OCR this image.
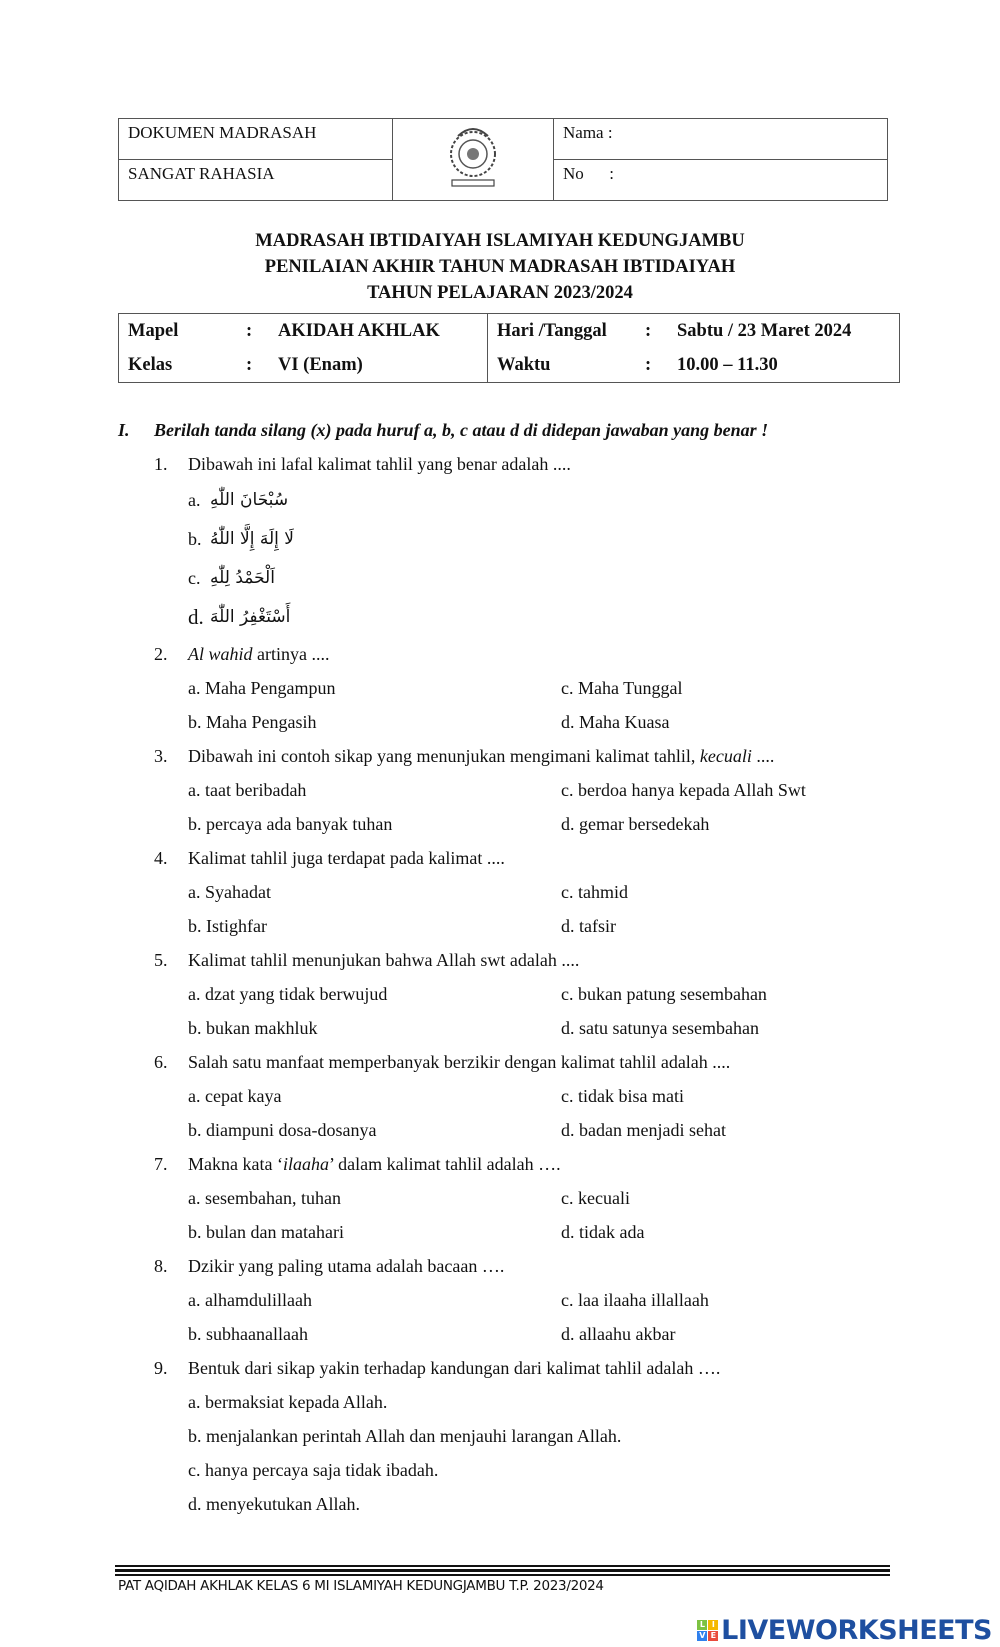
DOKUMEN MADRASAH		Nama :
SANGAT RAHASIA		No      :
MADRASAH IBTIDAIYAH ISLAMIYAH KEDUNGJAMBU
PENILAIAN AKHIR TAHUN MADRASAH IBTIDAIYAH
TAHUN PELAJARAN 2023/2024
Mapel	:	AKIDAH AKHLAK	Hari /Tanggal	:	Sabtu / 23 Maret 2024
Kelas	:	VI (Enam)	Waktu	:	10.00 – 11.30
I. Berilah tanda silang (x) pada huruf a, b, c atau d di didepan jawaban yang benar !
1. Dibawah ini lafal kalimat tahlil yang benar adalah ....
a. سُبْحَانَ اللّٰهِ
b. لَا إِلَهَ إِلَّا اللّٰهُ
c. اَلْحَمْدُ لِلّٰهِ
d. أَسْتَغْفِرُ اللّٰهَ
2. Al wahid artinya ....
a. Maha Pengampun	c. Maha Tunggal
b. Maha Pengasih	d. Maha Kuasa
3. Dibawah ini contoh sikap yang menunjukan mengimani kalimat tahlil, kecuali ....
a. taat beribadah	c. berdoa hanya kepada Allah Swt
b. percaya ada banyak tuhan	d. gemar bersedekah
4. Kalimat tahlil juga terdapat pada kalimat ....
a. Syahadat	c. tahmid
b. Istighfar	d. tafsir
5. Kalimat tahlil menunjukan bahwa Allah swt adalah ....
a. dzat yang tidak berwujud	c. bukan patung sesembahan
b. bukan makhluk	d. satu satunya sesembahan
6. Salah satu manfaat memperbanyak berzikir dengan kalimat tahlil adalah ....
a. cepat kaya	c. tidak bisa mati
b. diampuni dosa-dosanya	d. badan menjadi sehat
7. Makna kata ‘ilaaha’ dalam kalimat tahlil adalah ….
a. sesembahan, tuhan	c. kecuali
b. bulan dan matahari	d. tidak ada
8. Dzikir yang paling utama adalah bacaan ….
a. alhamdulillaah	c. laa ilaaha illallaah
b. subhaanallaah	d. allaahu akbar
9. Bentuk dari sikap yakin terhadap kandungan dari kalimat tahlil adalah ….
a. bermaksiat kepada Allah.
b. menjalankan perintah Allah dan menjauhi larangan Allah.
c. hanya percaya saja tidak ibadah.
d. menyekutukan Allah.
PAT AQIDAH AKHLAK KELAS 6 MI ISLAMIYAH KEDUNGJAMBU T.P. 2023/2024
L I
V E LIVEWORKSHEETS
